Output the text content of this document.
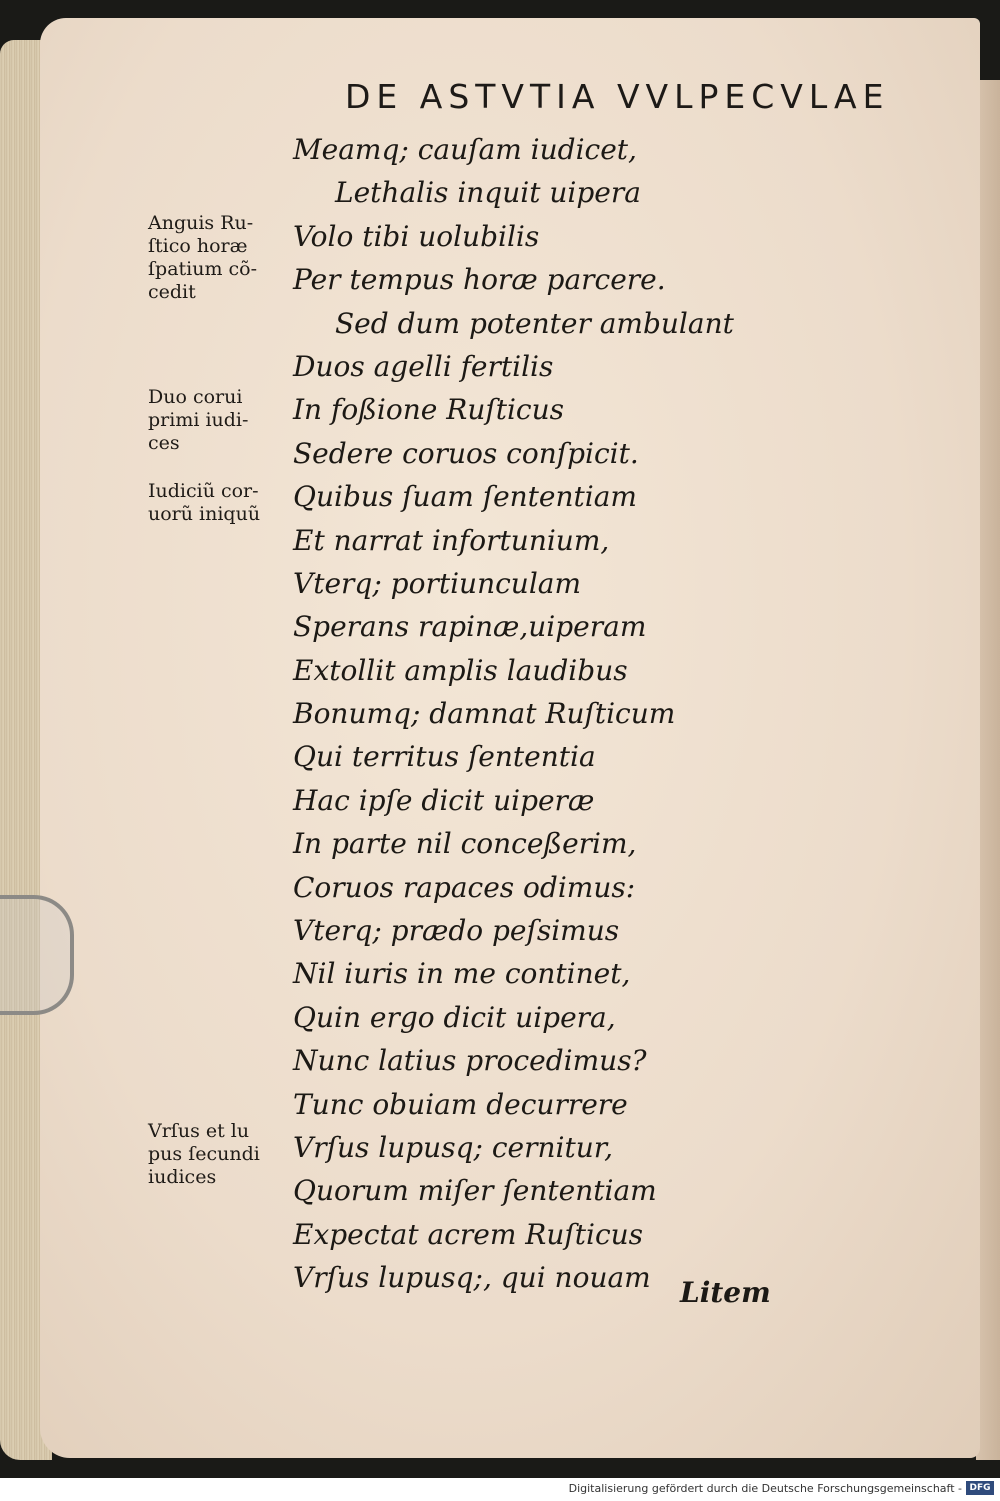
DE ASTVTIA VVLPECVLAE
Meamq; cauſam iudicet,
Lethalis inquit uipera
Volo tibi uolubilis
Per tempus horæ parcere.
Sed dum potenter ambulant
Duos agelli fertilis
In foßione Ruſticus
Sedere coruos conſpicit.
Quibus ſuam ſententiam
Et narrat infortunium,
Vterq; portiunculam
Sperans rapinæ,uiperam
Extollit amplis laudibus
Bonumq; damnat Ruſticum
Qui territus ſententia
Hac ipſe dicit uiperæ
In parte nil conceßerim,
Coruos rapaces odimus:
Vterq; prædo peſsimus
Nil iuris in me continet,
Quin ergo dicit uipera,
Nunc latius procedimus?
Tunc obuiam decurrere
Vrſus lupusq; cernitur,
Quorum miſer ſententiam
Expectat acrem Ruſticus
Vrſus lupusq;, qui nouam

Anguis Ru-
ſtico horæ
ſpatium cõ-
cedit

Duo corui
primi iudi-
ces

Iudiciũ cor-
uorũ iniquũ

Vrſus et lu
pus ſecundi
iudices

Litem

Digitalisierung gefördert durch die Deutsche Forschungsgemeinschaft - DFG
